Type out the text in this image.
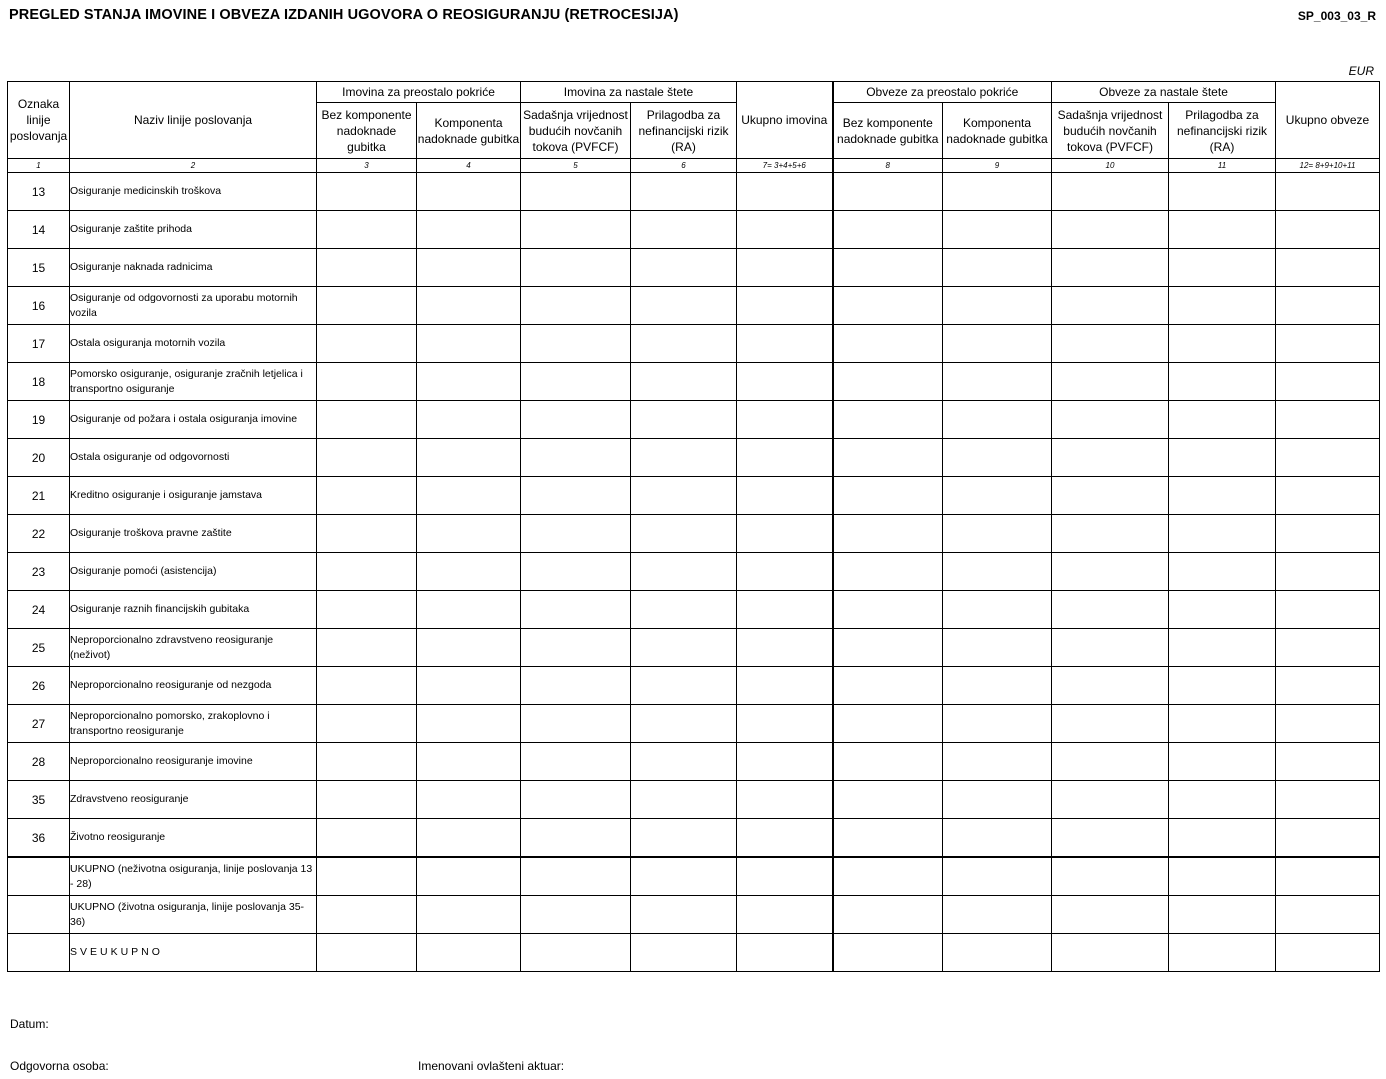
PREGLED STANJA IMOVINE I OBVEZA IZDANIH UGOVORA O REOSIGURANJU (RETROCESIJA)	SP_003_03_R
EUR
Oznaka linije poslovanja	Naziv linije poslovanja	Imovina za preostalo pokriće		Imovina za nastale štete		Ukupno imovina	Obveze za preostalo pokriće		Obveze za nastale štete		Ukupno obveze
		Bez komponente nadoknade gubitka	Komponenta nadoknade gubitka	Sadašnja vrijednost budućih novčanih tokova (PVFCF)	Prilagodba za nefinancijski rizik (RA)		Bez komponente nadoknade gubitka	Komponenta nadoknade gubitka	Sadašnja vrijednost budućih novčanih tokova (PVFCF)	Prilagodba za nefinancijski rizik (RA)	
1	2	3	4	5	6	7= 3+4+5+6	8	9	10	11	12= 8+9+10+11
13	Osiguranje medicinskih troškova										
14	Osiguranje zaštite prihoda										
15	Osiguranje naknada radnicima										
16	Osiguranje od odgovornosti za uporabu motornih vozila										
17	Ostala osiguranja motornih vozila										
18	Pomorsko osiguranje, osiguranje zračnih letjelica i transportno osiguranje										
19	Osiguranje od požara i ostala osiguranja imovine										
20	Ostala osiguranje od odgovornosti										
21	Kreditno osiguranje i osiguranje jamstava										
22	Osiguranje troškova pravne zaštite										
23	Osiguranje pomoći (asistencija)										
24	Osiguranje raznih financijskih gubitaka										
25	Neproporcionalno zdravstveno reosiguranje (neživot)										
26	Neproporcionalno reosiguranje od nezgoda										
27	Neproporcionalno pomorsko, zrakoplovno i transportno reosiguranje										
28	Neproporcionalno reosiguranje imovine										
35	Zdravstveno reosiguranje										
36	Životno reosiguranje										
	UKUPNO (neživotna osiguranja, linije poslovanja 13 - 28)										
	UKUPNO (životna osiguranja, linije poslovanja 35-36)										
	SVEUKUPNO										
Datum:
Odgovorna osoba:	Imenovani ovlašteni aktuar:
